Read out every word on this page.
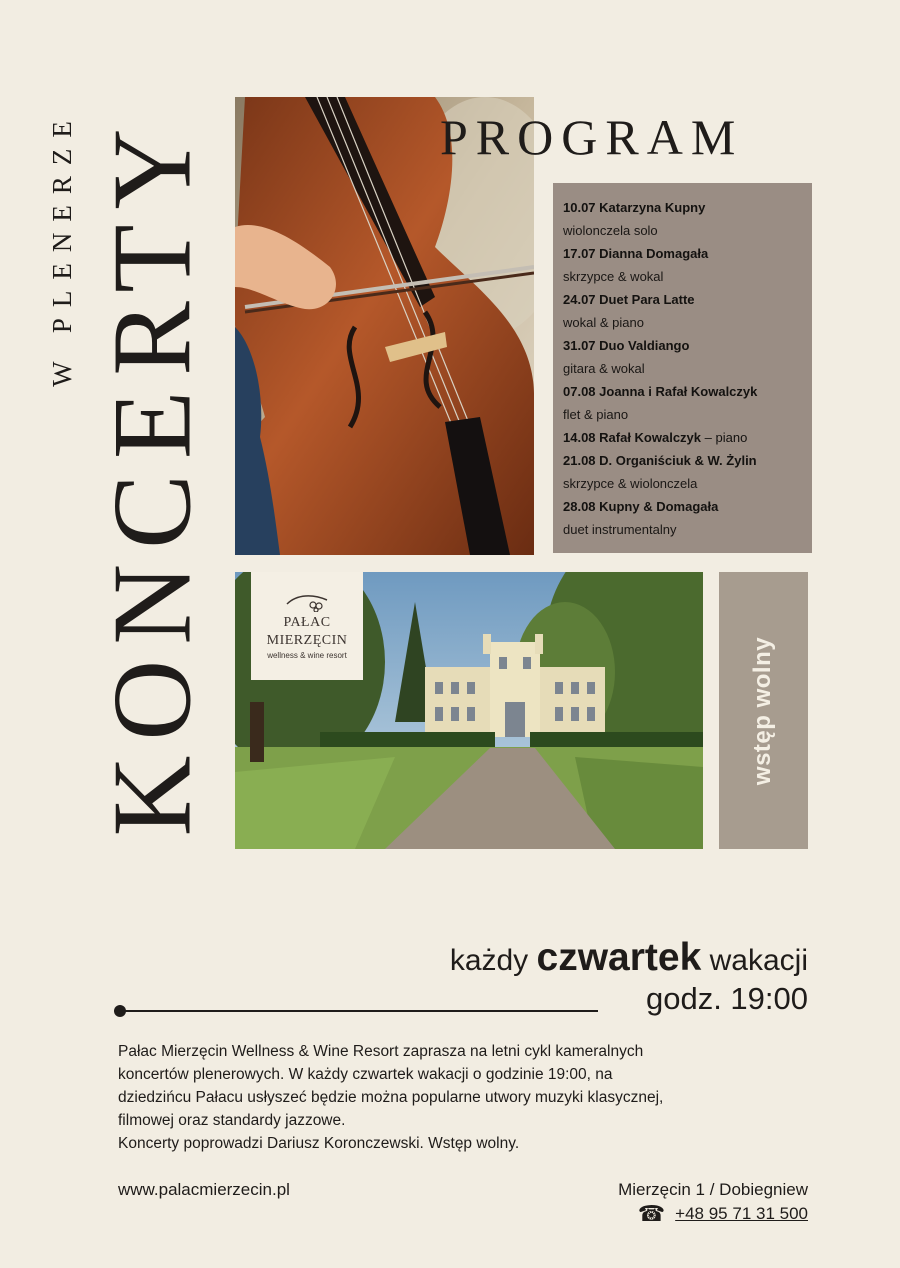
W PLENERZE KONCERTY	PROGRAM
10.07 Katarzyna Kupny
wiolonczela solo
17.07 Dianna Domagała
skrzypce & wokal
24.07 Duet Para Latte
wokal & piano
31.07 Duo Valdiango
gitara & wokal
07.08 Joanna i Rafał Kowalczyk
flet & piano
14.08 Rafał Kowalczyk – piano
21.08 D. Organiściuk & W. Żylin
skrzypce & wiolonczela
28.08 Kupny & Domagała
duet instrumentalny
PAŁAC
MIERZĘCIN
wellness & wine resort	wstęp wolny
każdy czwartek wakacji
godz. 19:00

Pałac Mierzęcin Wellness & Wine Resort zaprasza na letni cykl kameralnych

koncertów plenerowych. W każdy czwartek wakacji o godzinie 19:00, na

dziedzińcu Pałacu usłyszeć będzie można popularne utwory muzyki klasycznej,

filmowej oraz standardy jazzowe.

Koncerty poprowadzi Dariusz Koronczewski. Wstęp wolny.

www.palacmierzecin.pl	Mierzęcin 1 / Dobiegniew
☎ +48 95 71 31 500
